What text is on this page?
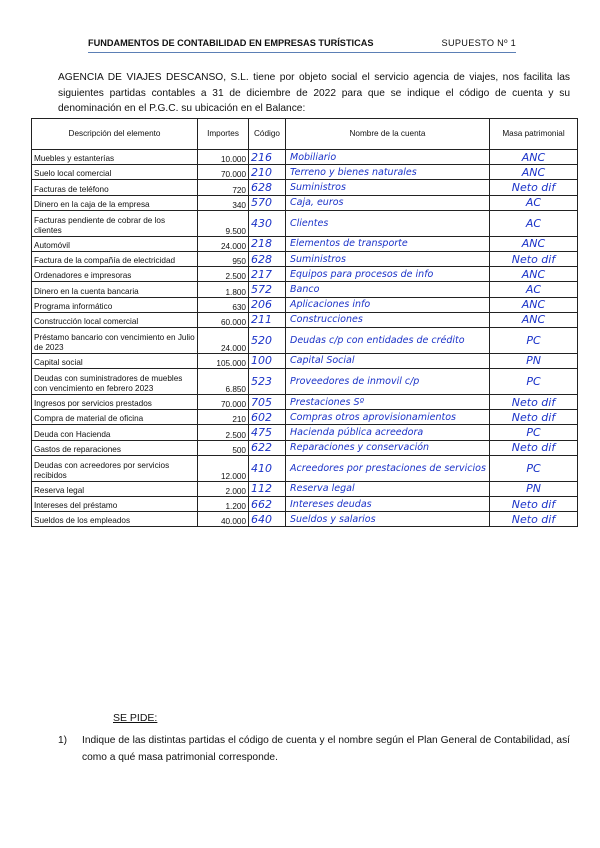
FUNDAMENTOS DE CONTABILIDAD EN EMPRESAS TURÍSTICAS	SUPUESTO Nº 1
AGENCIA DE VIAJES DESCANSO, S.L. tiene por objeto social el servicio agencia de viajes, nos facilita las siguientes partidas contables a 31 de diciembre de 2022 para que se indique el código de cuenta y su denominación en el P.G.C. su ubicación en el Balance:
Descripción del elemento	Importes	Código	Nombre de la cuenta	Masa patrimonial
Muebles y estanterías	10.000	216	Mobiliario	ANC
Suelo local comercial	70.000	210	Terreno y bienes naturales	ANC
Facturas de teléfono	720	628	Suministros	Neto dif
Dinero en la caja de la empresa	340	570	Caja, euros	AC
Facturas pendiente de cobrar de los clientes	9.500	430	Clientes	AC
Automóvil	24.000	218	Elementos de transporte	ANC
Factura de la compañía de electricidad	950	628	Suministros	Neto dif
Ordenadores e impresoras	2.500	217	Equipos para procesos de info	ANC
Dinero en la cuenta bancaria	1.800	572	Banco	AC
Programa informático	630	206	Aplicaciones info	ANC
Construcción local comercial	60.000	211	Construcciones	ANC
Préstamo bancario con vencimiento en Julio de 2023	24.000	520	Deudas c/p con entidades de crédito	PC
Capital social	105.000	100	Capital Social	PN
Deudas con suministradores de muebles con vencimiento en febrero 2023	6.850	523	Proveedores de inmovil c/p	PC
Ingresos por servicios prestados	70.000	705	Prestaciones Sº	Neto dif
Compra de material de oficina	210	602	Compras otros aprovisionamientos	Neto dif
Deuda con Hacienda	2.500	475	Hacienda pública acreedora	PC
Gastos de reparaciones	500	622	Reparaciones y conservación	Neto dif
Deudas con acreedores por servicios recibidos	12.000	410	Acreedores por prestaciones de servicios	PC
Reserva legal	2.000	112	Reserva legal	PN
Intereses del préstamo	1.200	662	Intereses deudas	Neto dif
Sueldos de los empleados	40.000	640	Sueldos y salarios	Neto dif
SE PIDE:
1) Indique de las distintas partidas el código de cuenta y el nombre según el Plan General de Contabilidad, así como a qué masa patrimonial corresponde.
